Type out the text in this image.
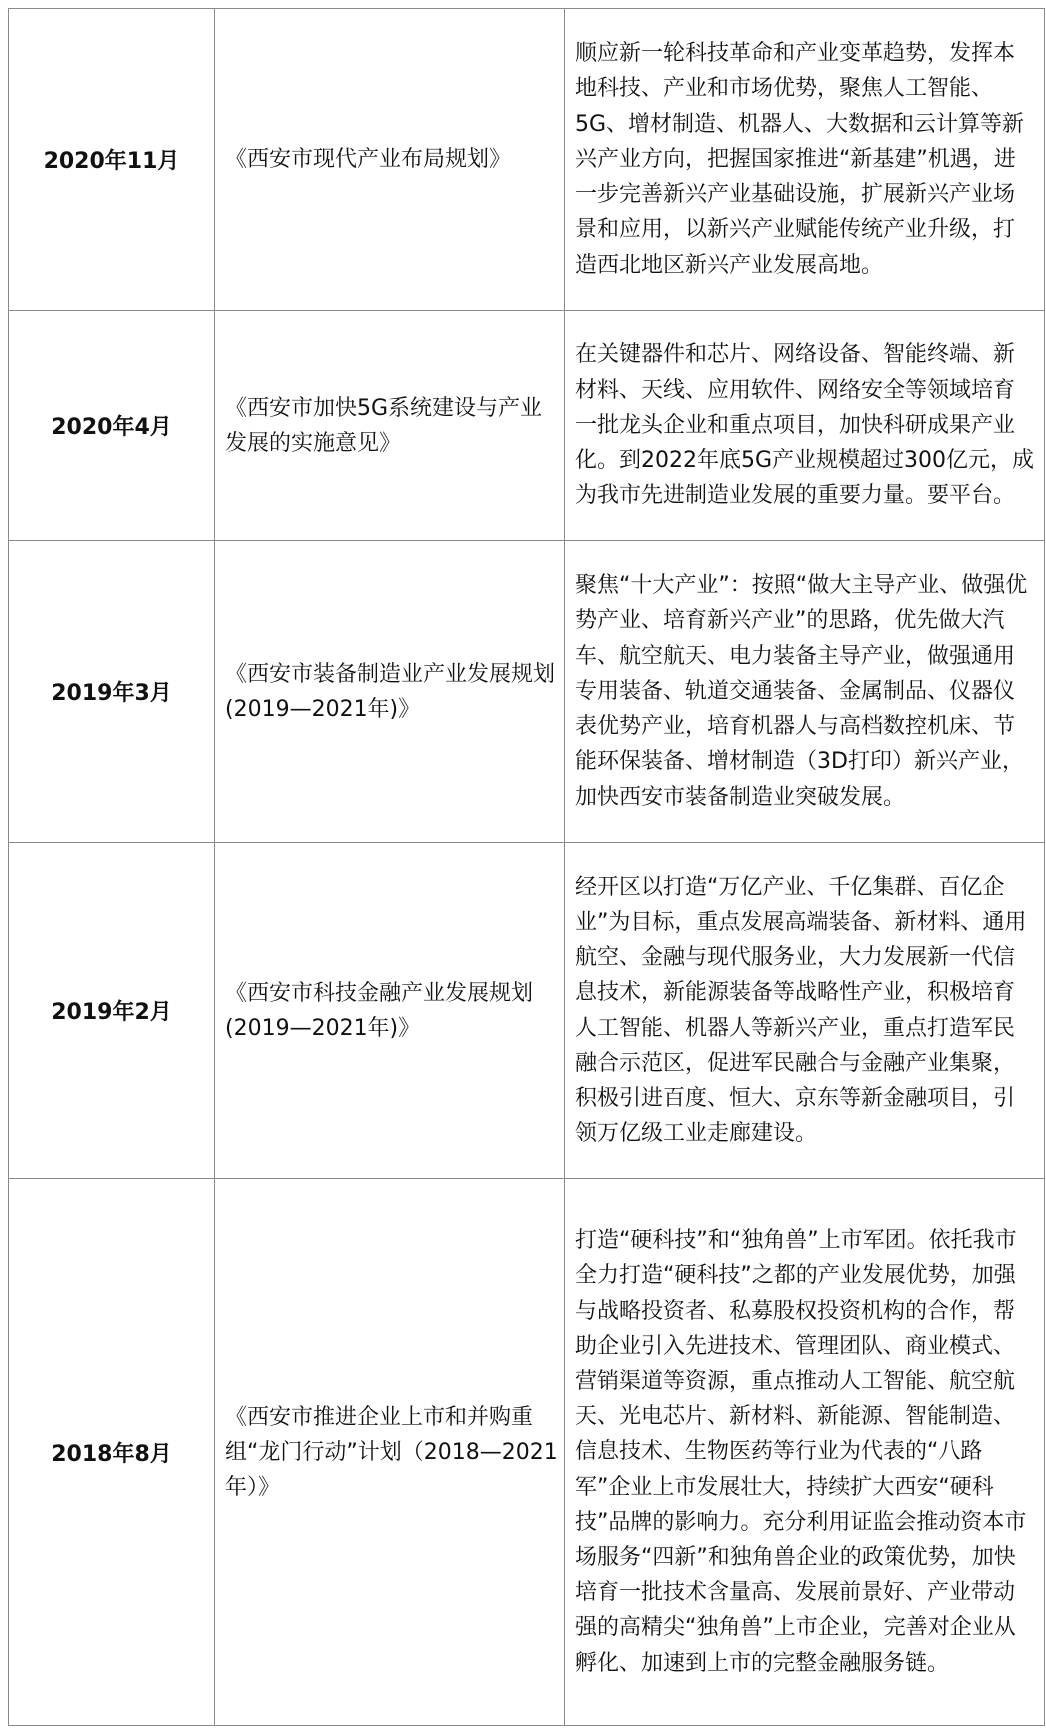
2020年11月	《西安市现代产业布局规划》	顺应新一轮科技革命和产业变革趋势，发挥本地科技、产业和市场优势，聚焦人工智能、5G、增材制造、机器人、大数据和云计算等新兴产业方向，把握国家推进“新基建”机遇，进一步完善新兴产业基础设施，扩展新兴产业场景和应用，以新兴产业赋能传统产业升级，打造西北地区新兴产业发展高地。
2020年4月	《西安市加快5G系统建设与产业发展的实施意见》	在关键器件和芯片、网络设备、智能终端、新材料、天线、应用软件、网络安全等领域培育一批龙头企业和重点项目，加快科研成果产业化。到2022年底5G产业规模超过300亿元，成为我市先进制造业发展的重要力量。要平台。
2019年3月	《西安市装备制造业产业发展规划(2019—2021年)》	聚焦“十大产业”：按照“做大主导产业、做强优势产业、培育新兴产业”的思路，优先做大汽车、航空航天、电力装备主导产业，做强通用专用装备、轨道交通装备、金属制品、仪器仪表优势产业，培育机器人与高档数控机床、节能环保装备、增材制造（3D打印）新兴产业，加快西安市装备制造业突破发展。
2019年2月	《西安市科技金融产业发展规划(2019—2021年)》	经开区以打造“万亿产业、千亿集群、百亿企业”为目标，重点发展高端装备、新材料、通用航空、金融与现代服务业，大力发展新一代信息技术，新能源装备等战略性产业，积极培育人工智能、机器人等新兴产业，重点打造军民融合示范区，促进军民融合与金融产业集聚，积极引进百度、恒大、京东等新金融项目，引领万亿级工业走廊建设。
2018年8月	《西安市推进企业上市和并购重组“龙门行动”计划（2018—2021年）》	打造“硬科技”和“独角兽”上市军团。依托我市全力打造“硬科技”之都的产业发展优势，加强与战略投资者、私募股权投资机构的合作，帮助企业引入先进技术、管理团队、商业模式、营销渠道等资源，重点推动人工智能、航空航天、光电芯片、新材料、新能源、智能制造、信息技术、生物医药等行业为代表的“八路军”企业上市发展壮大，持续扩大西安“硬科技”品牌的影响力。充分利用证监会推动资本市场服务“四新”和独角兽企业的政策优势，加快培育一批技术含量高、发展前景好、产业带动强的高精尖“独角兽”上市企业，完善对企业从孵化、加速到上市的完整金融服务链。
